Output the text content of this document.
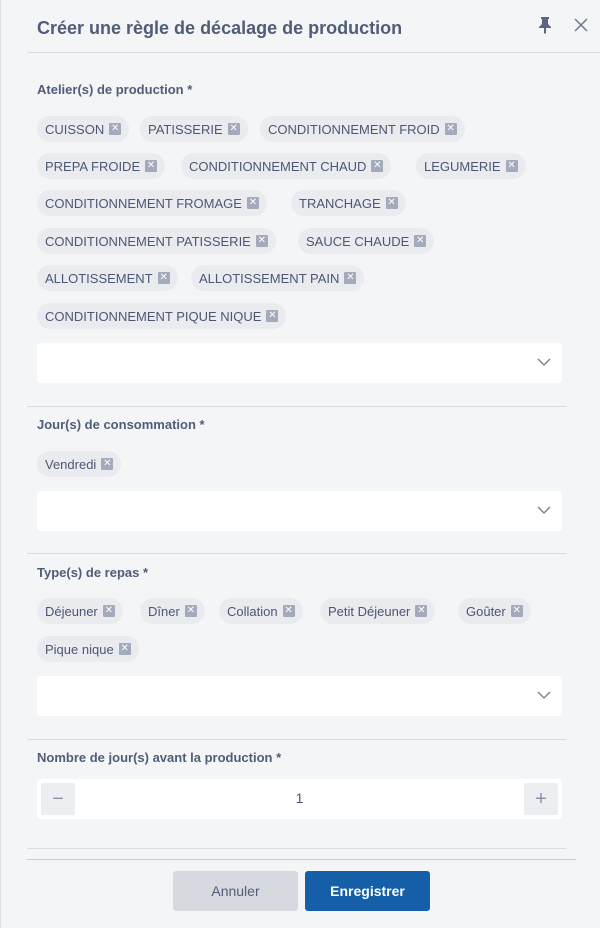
Créer une règle de décalage de production
Atelier(s) de production *
CUISSON ✕ PATISSERIE ✕ CONDITIONNEMENT FROID ✕
PREPA FROIDE ✕	CONDITIONNEMENT CHAUD ✕	LEGUMERIE ✕
CONDITIONNEMENT FROMAGE ✕	TRANCHAGE ✕
CONDITIONNEMENT PATISSERIE ✕	SAUCE CHAUDE ✕
ALLOTISSEMENT ✕ ALLOTISSEMENT PAIN ✕
CONDITIONNEMENT PIQUE NIQUE ✕
Jour(s) de consommation *
Vendredi ✕
Type(s) de repas *
Déjeuner ✕	Dîner ✕ Collation ✕	Petit Déjeuner ✕	Goûter ✕
Pique nique ✕
Nombre de jour(s) avant la production *
−	1	+
Annuler	Enregistrer
